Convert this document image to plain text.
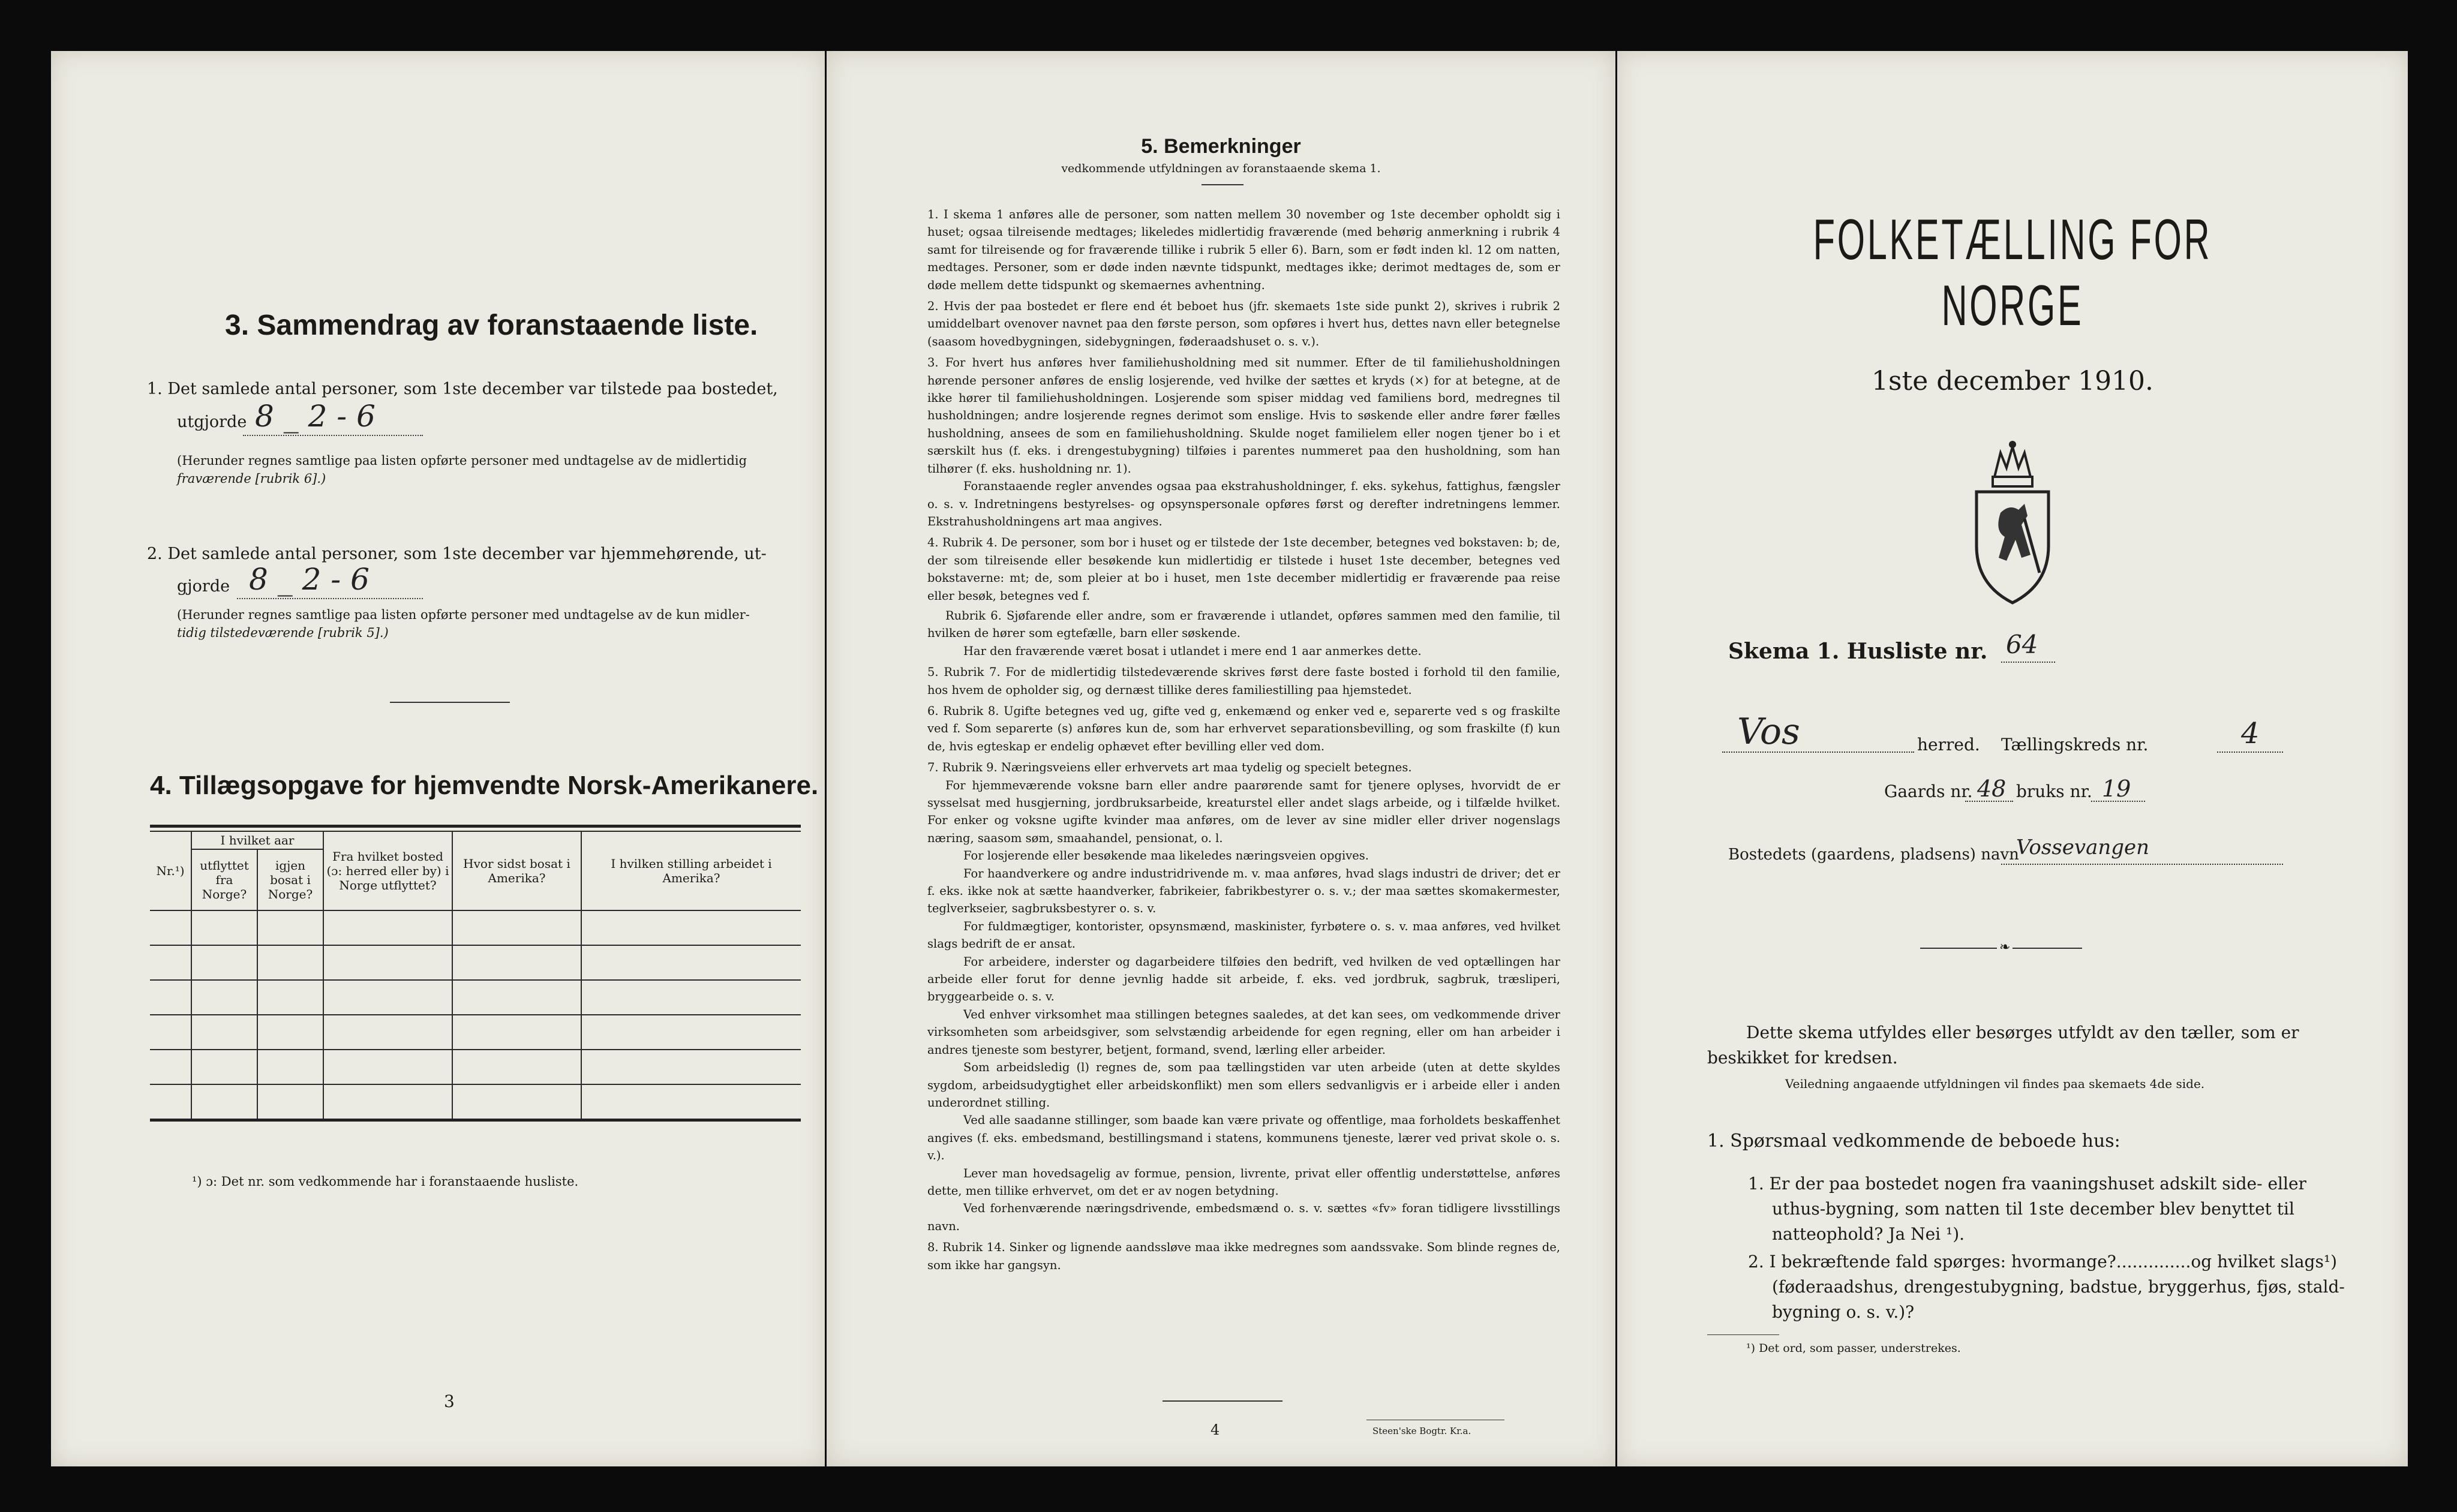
3. Sammendrag av foranstaaende liste.
1. Det samlede antal personer, som 1ste december var tilstede paa bostedet,
utgjorde 8 _ 2 - 6
(Herunder regnes samtlige paa listen opførte personer med undtagelse av de midlertidig
fraværende [rubrik 6].)
2. Det samlede antal personer, som 1ste december var hjemmehørende, ut-
gjorde 8 _ 2 - 6
(Herunder regnes samtlige paa listen opførte personer med undtagelse av de kun midler-
tidig tilstedeværende [rubrik 5].)
4. Tillægsopgave for hjemvendte Norsk-Amerikanere.
Nr.¹)	I hvilket aar		Fra hvilket bosted (ɔ: herred eller by) i Norge utflyttet?	Hvor sidst bosat i Amerika?	I hvilken stilling arbeidet i Amerika?
	utflyttet fra Norge?	igjen bosat i Norge?			

¹) ɔ: Det nr. som vedkommende har i foranstaaende husliste.
3
5. Bemerkninger
vedkommende utfyldningen av foranstaaende skema 1.

1. I skema 1 anføres alle de personer, som natten mellem 30 november og 1ste december opholdt sig i huset; ogsaa tilreisende medtages; likeledes midlertidig fraværende (med behørig anmerkning i rubrik 4 samt for tilreisende og for fraværende tillike i rubrik 5 eller 6). Barn, som er født inden kl. 12 om natten, medtages. Personer, som er døde inden nævnte tidspunkt, medtages ikke; derimot medtages de, som er døde mellem dette tidspunkt og skemaernes avhentning.

2. Hvis der paa bostedet er flere end ét beboet hus (jfr. skemaets 1ste side punkt 2), skrives i rubrik 2 umiddelbart ovenover navnet paa den første person, som opføres i hvert hus, dettes navn eller betegnelse (saasom hovedbygningen, sidebygningen, føderaadshuset o. s. v.).

3. For hvert hus anføres hver familiehusholdning med sit nummer. Efter de til familiehusholdningen hørende personer anføres de enslig losjerende, ved hvilke der sættes et kryds (×) for at betegne, at de ikke hører til familiehusholdningen. Losjerende som spiser middag ved familiens bord, medregnes til husholdningen; andre losjerende regnes derimot som enslige. Hvis to søskende eller andre fører fælles husholdning, ansees de som en familiehusholdning. Skulde noget familielem eller nogen tjener bo i et særskilt hus (f. eks. i drengestubygning) tilføies i parentes nummeret paa den husholdning, som han tilhører (f. eks. husholdning nr. 1).

Foranstaaende regler anvendes ogsaa paa ekstrahusholdninger, f. eks. sykehus, fattighus, fængsler o. s. v. Indretningens bestyrelses- og opsynspersonale opføres først og derefter indretningens lemmer. Ekstrahusholdningens art maa angives.

4. Rubrik 4. De personer, som bor i huset og er tilstede der 1ste december, betegnes ved bokstaven: b; de, der som tilreisende eller besøkende kun midlertidig er tilstede i huset 1ste december, betegnes ved bokstaverne: mt; de, som pleier at bo i huset, men 1ste december midlertidig er fraværende paa reise eller besøk, betegnes ved f.

Rubrik 6. Sjøfarende eller andre, som er fraværende i utlandet, opføres sammen med den familie, til hvilken de hører som egtefælle, barn eller søskende.

Har den fraværende været bosat i utlandet i mere end 1 aar anmerkes dette.

5. Rubrik 7. For de midlertidig tilstedeværende skrives først dere faste bosted i forhold til den familie, hos hvem de opholder sig, og dernæst tillike deres familiestilling paa hjemstedet.

6. Rubrik 8. Ugifte betegnes ved ug, gifte ved g, enkemænd og enker ved e, separerte ved s og fraskilte ved f. Som separerte (s) anføres kun de, som har erhvervet separationsbevilling, og som fraskilte (f) kun de, hvis egteskap er endelig ophævet efter bevilling eller ved dom.

7. Rubrik 9. Næringsveiens eller erhvervets art maa tydelig og specielt betegnes.

For hjemmeværende voksne barn eller andre paarørende samt for tjenere oplyses, hvorvidt de er sysselsat med husgjerning, jordbruksarbeide, kreaturstel eller andet slags arbeide, og i tilfælde hvilket. For enker og voksne ugifte kvinder maa anføres, om de lever av sine midler eller driver nogenslags næring, saasom søm, smaahandel, pensionat, o. l.

For losjerende eller besøkende maa likeledes næringsveien opgives.

For haandverkere og andre industridrivende m. v. maa anføres, hvad slags industri de driver; det er f. eks. ikke nok at sætte haandverker, fabrikeier, fabrikbestyrer o. s. v.; der maa sættes skomakermester, teglverkseier, sagbruksbestyrer o. s. v.

For fuldmægtiger, kontorister, opsynsmænd, maskinister, fyrbøtere o. s. v. maa anføres, ved hvilket slags bedrift de er ansat.

For arbeidere, inderster og dagarbeidere tilføies den bedrift, ved hvilken de ved optællingen har arbeide eller forut for denne jevnlig hadde sit arbeide, f. eks. ved jordbruk, sagbruk, træsliperi, bryggearbeide o. s. v.

Ved enhver virksomhet maa stillingen betegnes saaledes, at det kan sees, om vedkommende driver virksomheten som arbeidsgiver, som selvstændig arbeidende for egen regning, eller om han arbeider i andres tjeneste som bestyrer, betjent, formand, svend, lærling eller arbeider.

Som arbeidsledig (l) regnes de, som paa tællingstiden var uten arbeide (uten at dette skyldes sygdom, arbeidsudygtighet eller arbeidskonflikt) men som ellers sedvanligvis er i arbeide eller i anden underordnet stilling.

Ved alle saadanne stillinger, som baade kan være private og offentlige, maa forholdets beskaffenhet angives (f. eks. embedsmand, bestillingsmand i statens, kommunens tjeneste, lærer ved privat skole o. s. v.).

Lever man hovedsagelig av formue, pension, livrente, privat eller offentlig understøttelse, anføres dette, men tillike erhvervet, om det er av nogen betydning.

Ved forhenværende næringsdrivende, embedsmænd o. s. v. sættes «fv» foran tidligere livsstillings navn.

8. Rubrik 14. Sinker og lignende aandssløve maa ikke medregnes som aandssvake. Som blinde regnes de, som ikke har gangsyn.

4	Steen'ske Bogtr. Kr.a.
FOLKETÆLLING FOR NORGE
1ste december 1910.
Skema 1. Husliste nr. 64
Vos	herred. Tællingskreds nr.	4
Gaards nr. 48 bruks nr. 19
Bostedets (gaardens, pladsens) navn
Vossevangen
❧
Dette skema utfyldes eller besørges utfyldt av den tæller, som er
beskikket for kredsen.
Veiledning angaaende utfyldningen vil findes paa skemaets 4de side.
1. Spørsmaal vedkommende de beboede hus:
1. Er der paa bostedet nogen fra vaaningshuset adskilt side- eller
uthus-bygning, som natten til 1ste december blev benyttet til
natteophold? Ja Nei ¹).
2. I bekræftende fald spørges: hvormange?..............og hvilket slags¹)
(føderaadshus, drengestubygning, badstue, bryggerhus, fjøs, stald-
bygning o. s. v.)?
¹) Det ord, som passer, understrekes.
